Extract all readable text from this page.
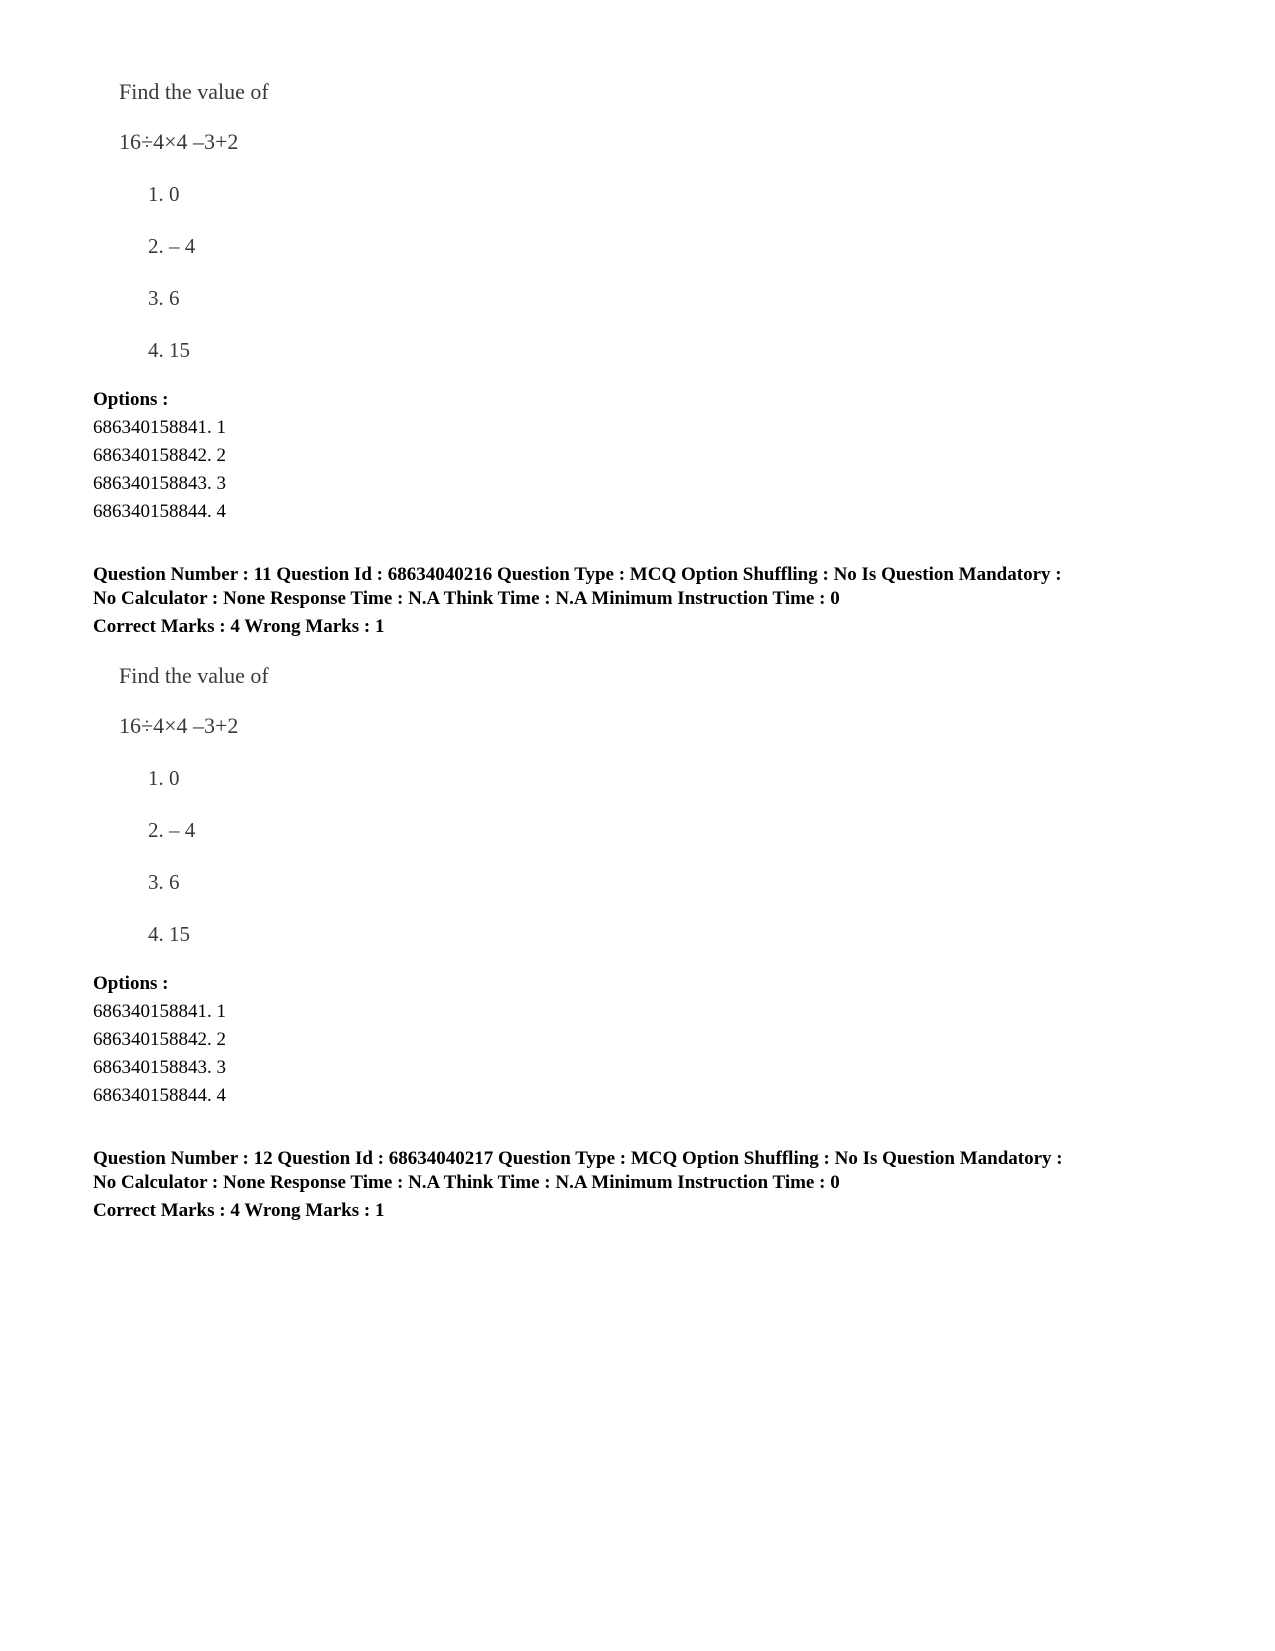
Find the value of

16÷4×4 –3+2

1. 0

2. – 4

3. 6

4. 15

Options :
686340158841. 1
686340158842. 2
686340158843. 3
686340158844. 4
Question Number : 11 Question Id : 68634040216 Question Type : MCQ Option Shuffling : No Is Question Mandatory :
No Calculator : None Response Time : N.A Think Time : N.A Minimum Instruction Time : 0
Correct Marks : 4 Wrong Marks : 1

Find the value of

16÷4×4 –3+2

1. 0

2. – 4

3. 6

4. 15

Options :
686340158841. 1
686340158842. 2
686340158843. 3
686340158844. 4
Question Number : 12 Question Id : 68634040217 Question Type : MCQ Option Shuffling : No Is Question Mandatory :
No Calculator : None Response Time : N.A Think Time : N.A Minimum Instruction Time : 0
Correct Marks : 4 Wrong Marks : 1
